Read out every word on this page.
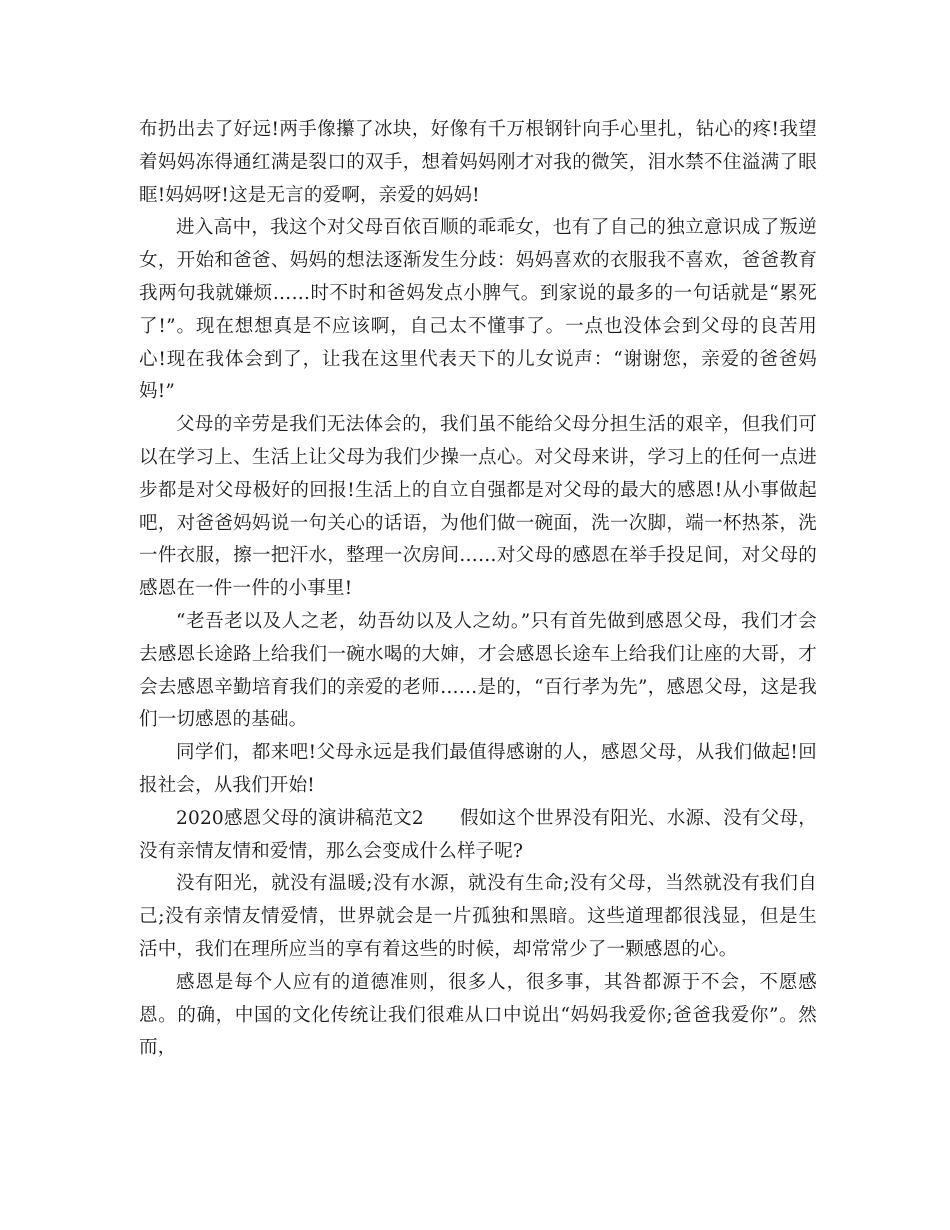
布扔出去了好远!两手像攥了冰块，好像有千万根钢针向手心里扎，钻心的疼!我望着妈妈冻得通红满是裂口的双手，想着妈妈刚才对我的微笑，泪水禁不住溢满了眼眶!妈妈呀!这是无言的爱啊，亲爱的妈妈!

进入高中，我这个对父母百依百顺的乖乖女，也有了自己的独立意识成了叛逆女，开始和爸爸、妈妈的想法逐渐发生分歧：妈妈喜欢的衣服我不喜欢，爸爸教育我两句我就嫌烦……时不时和爸妈发点小脾气。到家说的最多的一句话就是“累死了!”。现在想想真是不应该啊，自己太不懂事了。一点也没体会到父母的良苦用心!现在我体会到了，让我在这里代表天下的儿女说声：“谢谢您，亲爱的爸爸妈妈!”

父母的辛劳是我们无法体会的，我们虽不能给父母分担生活的艰辛，但我们可以在学习上、生活上让父母为我们少操一点心。对父母来讲，学习上的任何一点进步都是对父母极好的回报!生活上的自立自强都是对父母的最大的感恩!从小事做起吧，对爸爸妈妈说一句关心的话语，为他们做一碗面，洗一次脚，端一杯热茶，洗一件衣服，擦一把汗水，整理一次房间……对父母的感恩在举手投足间，对父母的感恩在一件一件的小事里!

“老吾老以及人之老，幼吾幼以及人之幼。”只有首先做到感恩父母，我们才会去感恩长途路上给我们一碗水喝的大婶，才会感恩长途车上给我们让座的大哥，才会去感恩辛勤培育我们的亲爱的老师……是的，“百行孝为先”，感恩父母，这是我们一切感恩的基础。

同学们，都来吧!父母永远是我们最值得感谢的人，感恩父母，从我们做起!回报社会，从我们开始!

2020感恩父母的演讲稿范文2 假如这个世界没有阳光、水源、没有父母，没有亲情友情和爱情，那么会变成什么样子呢?

没有阳光，就没有温暖;没有水源，就没有生命;没有父母，当然就没有我们自己;没有亲情友情爱情，世界就会是一片孤独和黑暗。这些道理都很浅显，但是生活中，我们在理所应当的享有着这些的时候，却常常少了一颗感恩的心。

感恩是每个人应有的道德准则，很多人，很多事，其咎都源于不会，不愿感恩。的确，中国的文化传统让我们很难从口中说出“妈妈我爱你;爸爸我爱你”。然而，
